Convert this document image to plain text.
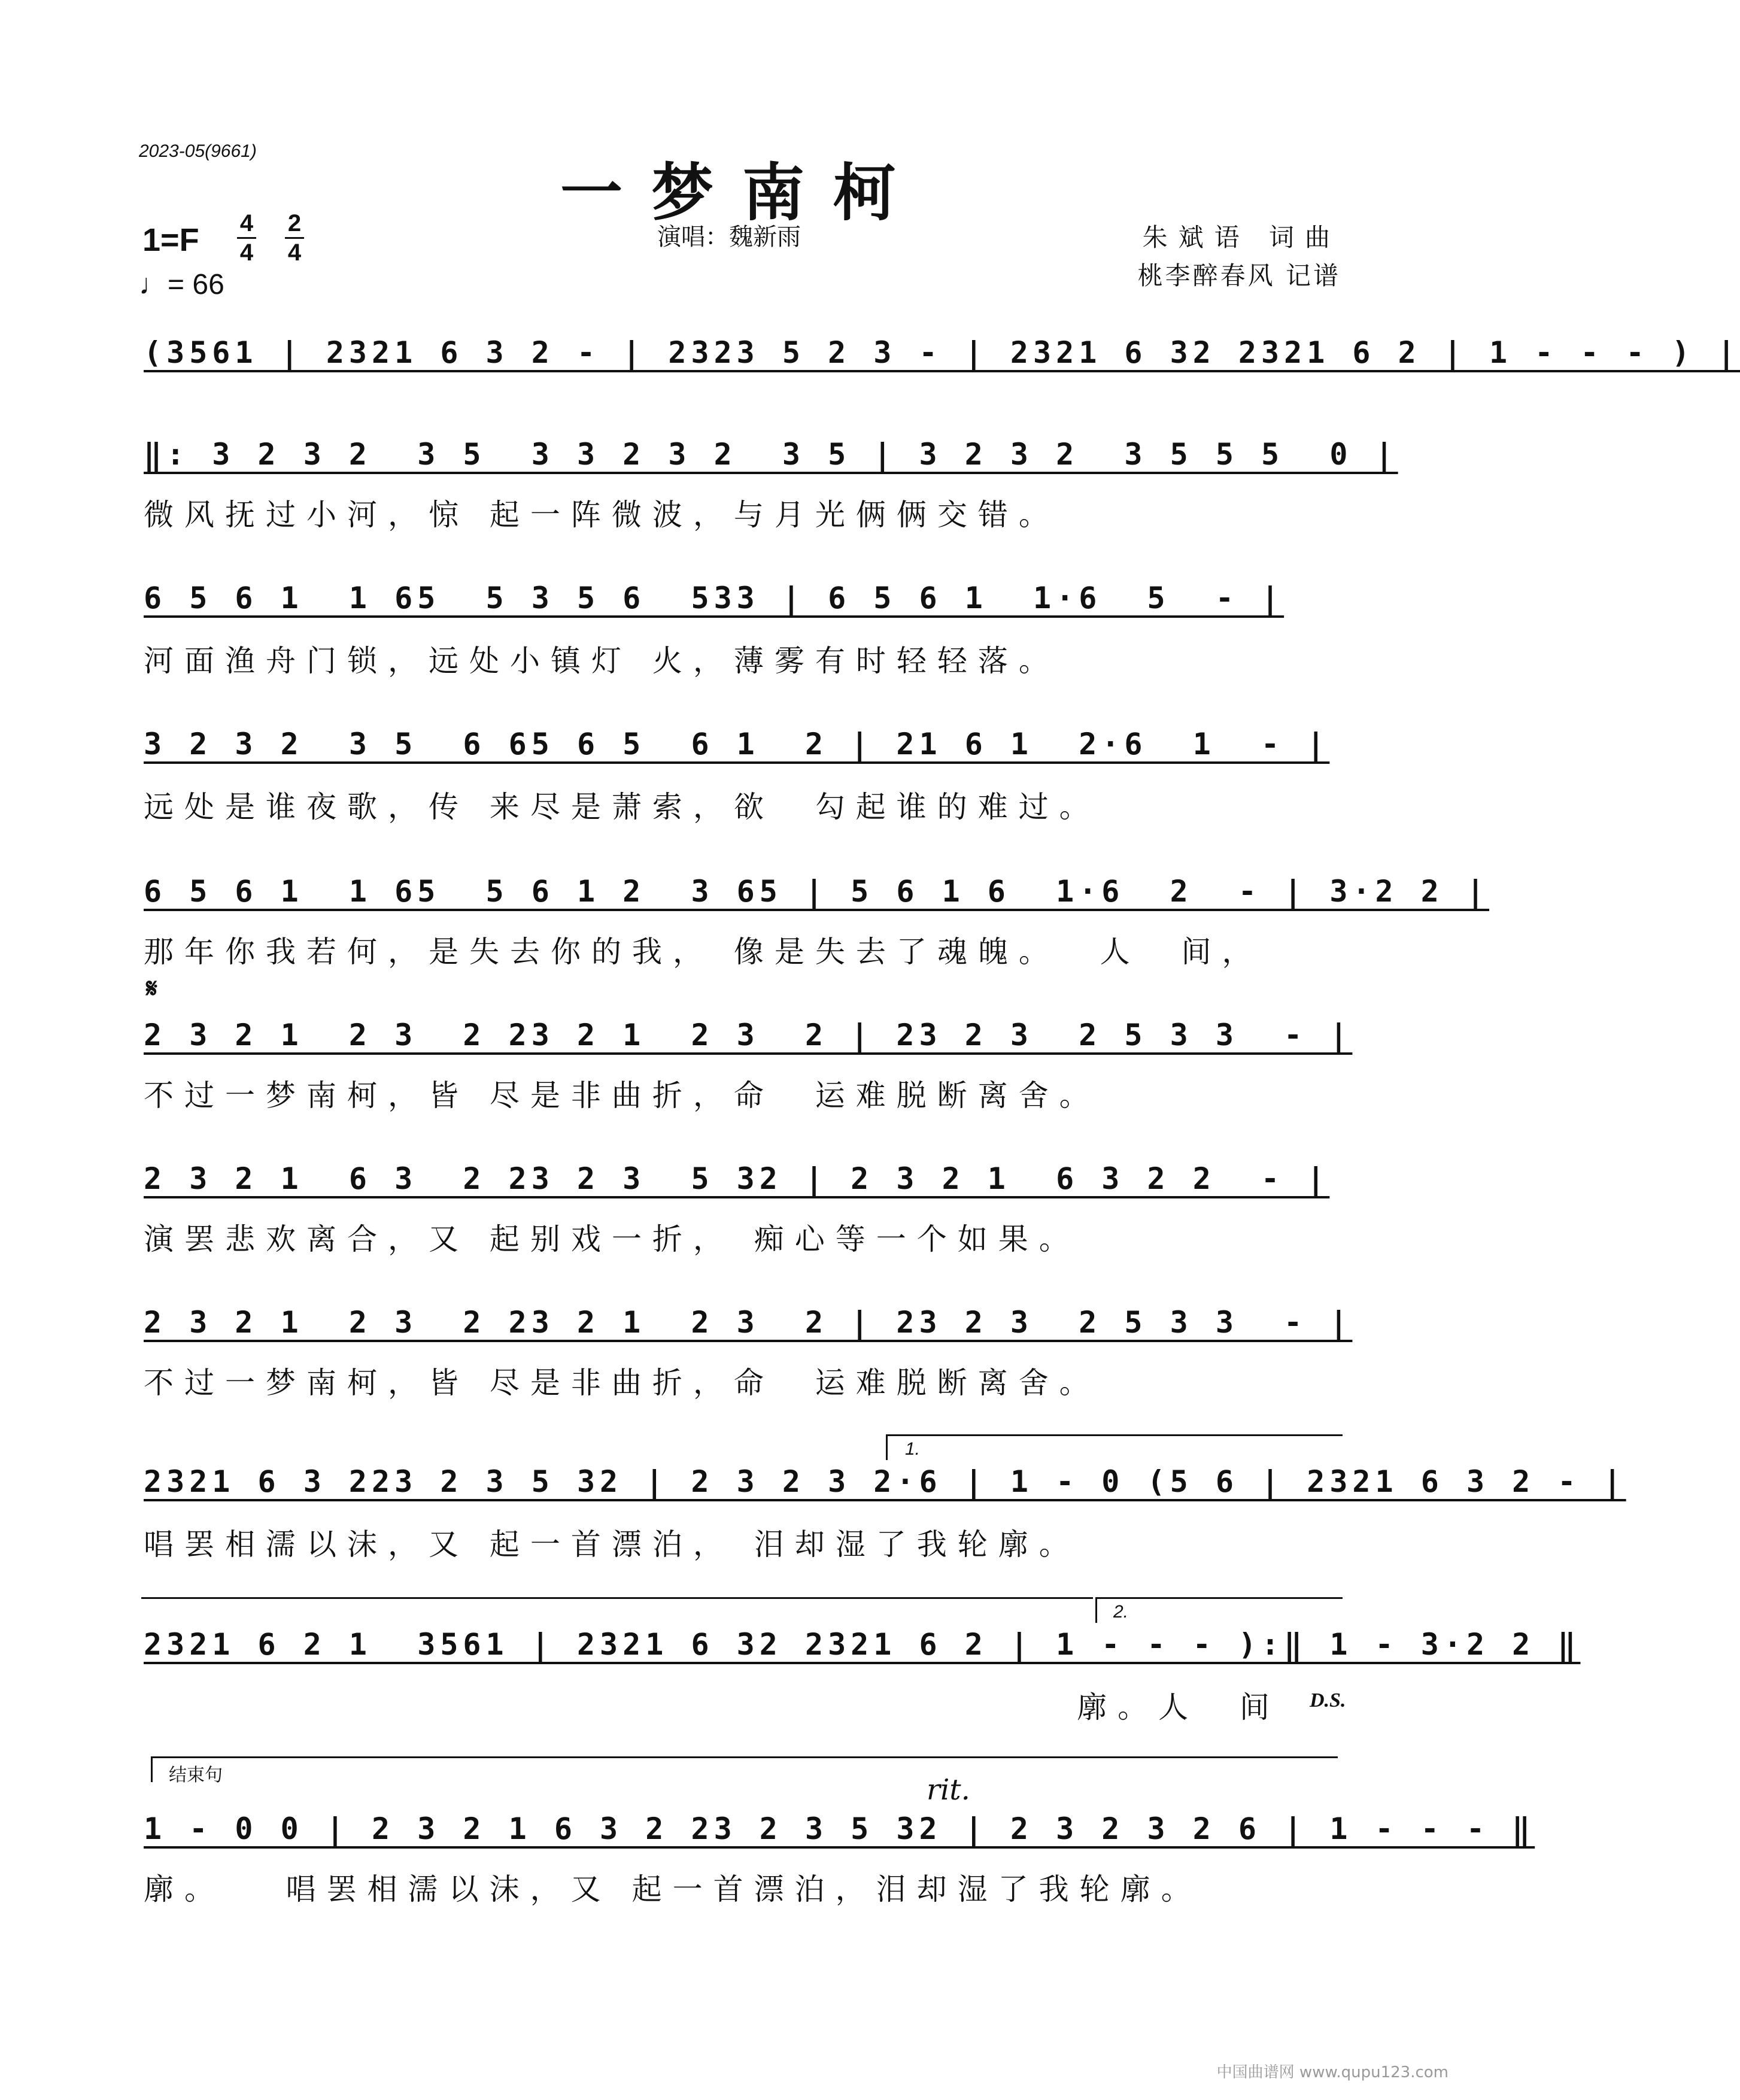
2023-05(9661)
一梦南柯
1=F 4
4
2
4
♩= 66
演唱：魏新雨	朱斌语 词曲
桃李醉春风 记谱
(3561 | 2321 6 3 2 - | 2323 5 2 3 - | 2321 6 32 2321 6 2 | 1 - - - ) |
‖: 3 2 3 2  3 5  3 3 2 3 2  3 5 | 3 2 3 2  3 5 5 5  0 |
微风抚过小河，惊 起一阵微波，与月光俩俩交错。
6 5 6 1  1 65  5 3 5 6  533 | 6 5 6 1  1·6  5  - |
河面渔舟门锁，远处小镇灯 火，薄雾有时轻轻落。
3 2 3 2  3 5  6 65 6 5  6 1  2 | 21 6 1  2·6  1  - |
远处是谁夜歌，传 来尽是萧索，欲  勾起谁的难过。
6 5 6 1  1 65  5 6 1 2  3 65 | 5 6 1 6  1·6  2  - | 3·2 2 |
那年你我若何，是失去你的我， 像是失去了魂魄。  人  间，
𝄋
2 3 2 1  2 3  2 23 2 1  2 3  2 | 23 2 3  2 5 3 3  - |
不过一梦南柯，皆 尽是非曲折，命  运难脱断离舍。
2 3 2 1  6 3  2 23 2 3  5 32 | 2 3 2 1  6 3 2 2  - |
演罢悲欢离合，又 起别戏一折， 痴心等一个如果。
2 3 2 1  2 3  2 23 2 1  2 3  2 | 23 2 3  2 5 3 3  - |
不过一梦南柯，皆 尽是非曲折，命  运难脱断离舍。
1.
2321 6 3 223 2 3 5 32 | 2 3 2 3 2·6 | 1 - 0 (5 6 | 2321 6 3 2 - |
唱罢相濡以沫，又 起一首漂泊， 泪却湿了我轮廓。
2.
2321 6 2 1  3561 | 2321 6 32 2321 6 2 | 1 - - - ):‖ 1 - 3·2 2 ‖
廓。人  间	D.S.
结束句	rit.
1 - 0 0 | 2 3 2 1 6 3 2 23 2 3 5 32 | 2 3 2 3 2 6 | 1 - - - ‖
廓。   唱罢相濡以沫，又 起一首漂泊，泪却湿了我轮廓。
中国曲谱网 www.qupu123.com
